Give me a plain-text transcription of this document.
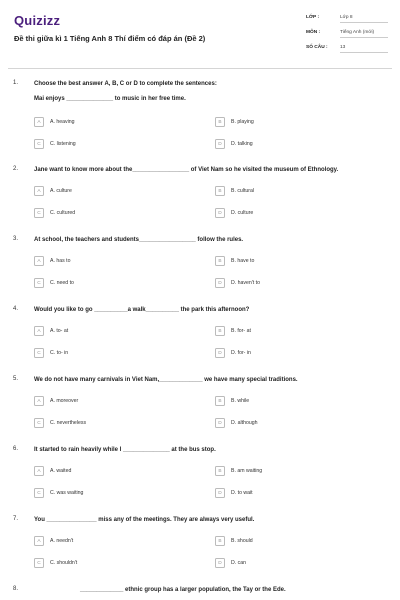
Quizizz
Đề thi giữa kì 1 Tiếng Anh 8 Thí điểm có đáp án (Đề 2)
LỚP :	Lớp 8
MÔN :	Tiếng Anh (mới)
SỐ CÂU :	13
1.	Choose the best answer A, B, C or D to complete the sentences:
Mai enjoys ______________ to music in her free time.
A	A. heaving	B	B. playing
C	C. listening	D	D. talking
2.	Jane want to know more about the_________________ of Viet Nam so he visited the museum of Ethnology.
A	A. culture	B	B. cultural
C	C. cultured	D	D. culture
3.	At school, the teachers and students_________________ follow the rules.
A	A. has to	B	B. have to
C	C. need to	D	D. haven't to
4.	Would you like to go __________a walk__________ the park this afternoon?
A	A. to- at	B	B. for- at
C	C. to- in	D	D. for- in
5.	We do not have many carnivals in Viet Nam,_____________ we have many special traditions.
A	A. moreover	B	B. while
C	C. nevertheless	D	D. although
6.	It started to rain heavily while I ______________ at the bus stop.
A	A. waited	B	B. am waiting
C	C. was waiting	D	D. to wait
7.	You _______________ miss any of the meetings. They are always very useful.
A	A. needn't	B	B. should
C	C. shouldn't	D	D. can
8.	_____________ ethnic group has a larger population, the Tay or the Ede.
